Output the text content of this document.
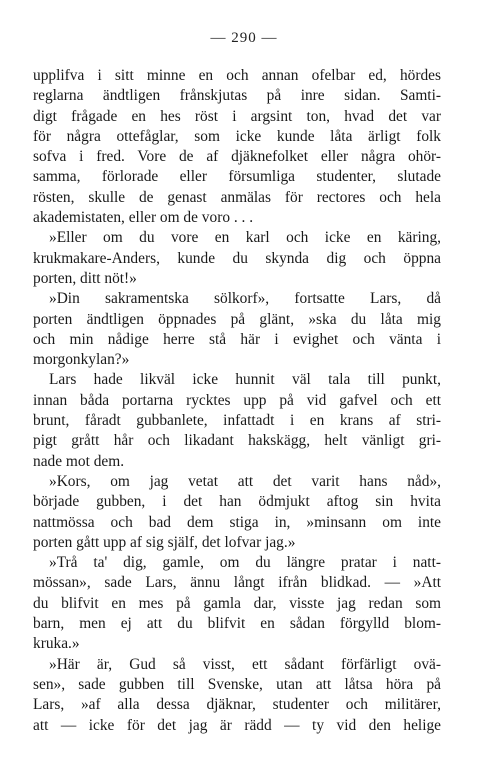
— 290 —
upplifva i sitt minne en och annan ofelbar ed, hördes
reglarna ändtligen frånskjutas på inre sidan. Samti-
digt frågade en hes röst i argsint ton, hvad det var
för några ottefåglar, som icke kunde låta ärligt folk
sofva i fred. Vore de af djäknefolket eller några ohör-
samma, förlorade eller försumliga studenter, slutade
rösten, skulle de genast anmälas för rectores och hela
akademistaten, eller om de voro . . .
»Eller om du vore en karl och icke en käring,
krukmakare-Anders, kunde du skynda dig och öppna
porten, ditt nöt!»
»Din sakramentska sölkorf», fortsatte Lars, då
porten ändtligen öppnades på glänt, »ska du låta mig
och min nådige herre stå här i evighet och vänta i
morgonkylan?»
Lars hade likväl icke hunnit väl tala till punkt,
innan båda portarna rycktes upp på vid gafvel och ett
brunt, fåradt gubbanlete, infattadt i en krans af stri-
pigt grått hår och likadant hakskägg, helt vänligt gri-
nade mot dem.
»Kors, om jag vetat att det varit hans nåd»,
började gubben, i det han ödmjukt aftog sin hvita
nattmössa och bad dem stiga in, »minsann om inte
porten gått upp af sig själf, det lofvar jag.»
»Trå ta' dig, gamle, om du längre pratar i natt-
mössan», sade Lars, ännu långt ifrån blidkad. — »Att
du blifvit en mes på gamla dar, visste jag redan som
barn, men ej att du blifvit en sådan förgylld blom-
kruka.»
»Här är, Gud så visst, ett sådant förfärligt ovä-
sen», sade gubben till Svenske, utan att låtsa höra på
Lars, »af alla dessa djäknar, studenter och militärer,
att — icke för det jag är rädd — ty vid den helige
